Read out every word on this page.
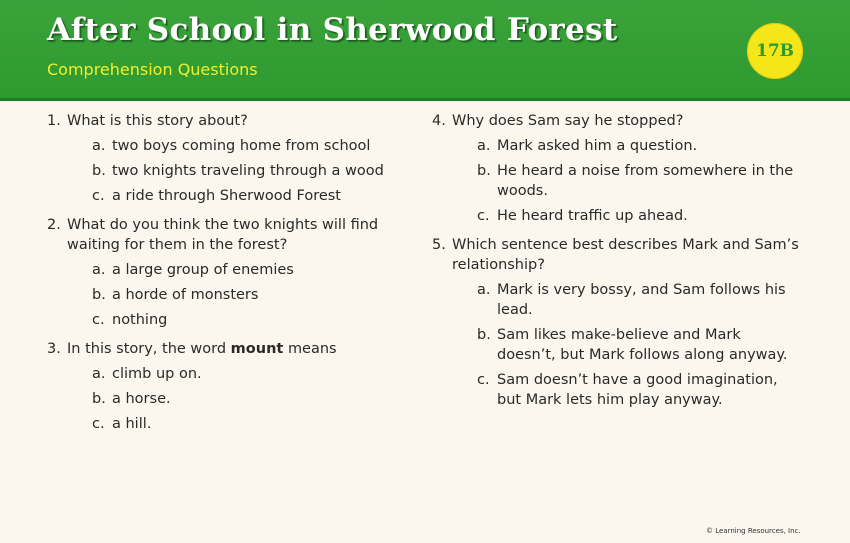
After School in Sherwood Forest
Comprehension Questions
17B
1. What is this story about?
a. two boys coming home from school
b. two knights traveling through a wood
c. a ride through Sherwood Forest
2. What do you think the two knights will find waiting for them in the forest?
a. a large group of enemies
b. a horde of monsters
c. nothing
3. In this story, the word mount means
a. climb up on.
b. a horse.
c. a hill.
4. Why does Sam say he stopped?
a. Mark asked him a question.
b. He heard a noise from somewhere in the woods.
c. He heard traffic up ahead.
5. Which sentence best describes Mark and Sam’s relationship?
a. Mark is very bossy, and Sam follows his lead.
b. Sam likes make-believe and Mark doesn’t, but Mark follows along anyway.
c. Sam doesn’t have a good imagination, but Mark lets him play anyway.
© Learning Resources, Inc.
